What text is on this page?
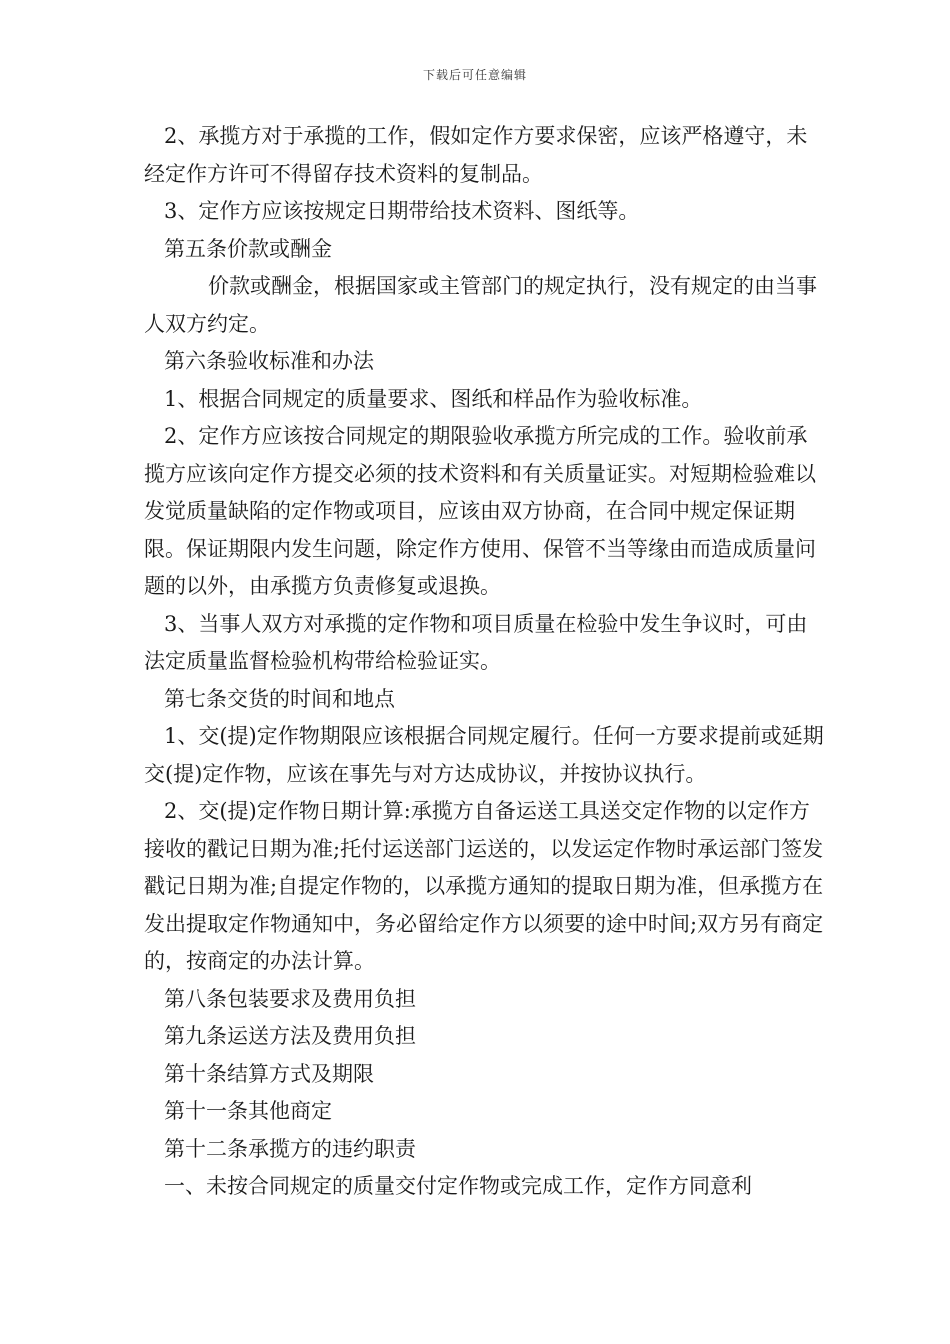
下载后可任意编辑

2、承揽方对于承揽的工作，假如定作方要求保密，应该严格遵守，未经定作方许可不得留存技术资料的复制品。

3、定作方应该按规定日期带给技术资料、图纸等。

第五条价款或酬金

价款或酬金，根据国家或主管部门的规定执行，没有规定的由当事人双方约定。

第六条验收标准和办法

1、根据合同规定的质量要求、图纸和样品作为验收标准。

2、定作方应该按合同规定的期限验收承揽方所完成的工作。验收前承揽方应该向定作方提交必须的技术资料和有关质量证实。对短期检验难以发觉质量缺陷的定作物或项目，应该由双方协商，在合同中规定保证期限。保证期限内发生问题，除定作方使用、保管不当等缘由而造成质量问题的以外，由承揽方负责修复或退换。

3、当事人双方对承揽的定作物和项目质量在检验中发生争议时，可由法定质量监督检验机构带给检验证实。

第七条交货的时间和地点

1、交(提)定作物期限应该根据合同规定履行。任何一方要求提前或延期交(提)定作物，应该在事先与对方达成协议，并按协议执行。

2、交(提)定作物日期计算:承揽方自备运送工具送交定作物的以定作方接收的戳记日期为准;托付运送部门运送的，以发运定作物时承运部门签发戳记日期为准;自提定作物的，以承揽方通知的提取日期为准，但承揽方在发出提取定作物通知中，务必留给定作方以须要的途中时间;双方另有商定的，按商定的办法计算。

第八条包装要求及费用负担

第九条运送方法及费用负担

第十条结算方式及期限

第十一条其他商定

第十二条承揽方的违约职责

一、未按合同规定的质量交付定作物或完成工作，定作方同意利
